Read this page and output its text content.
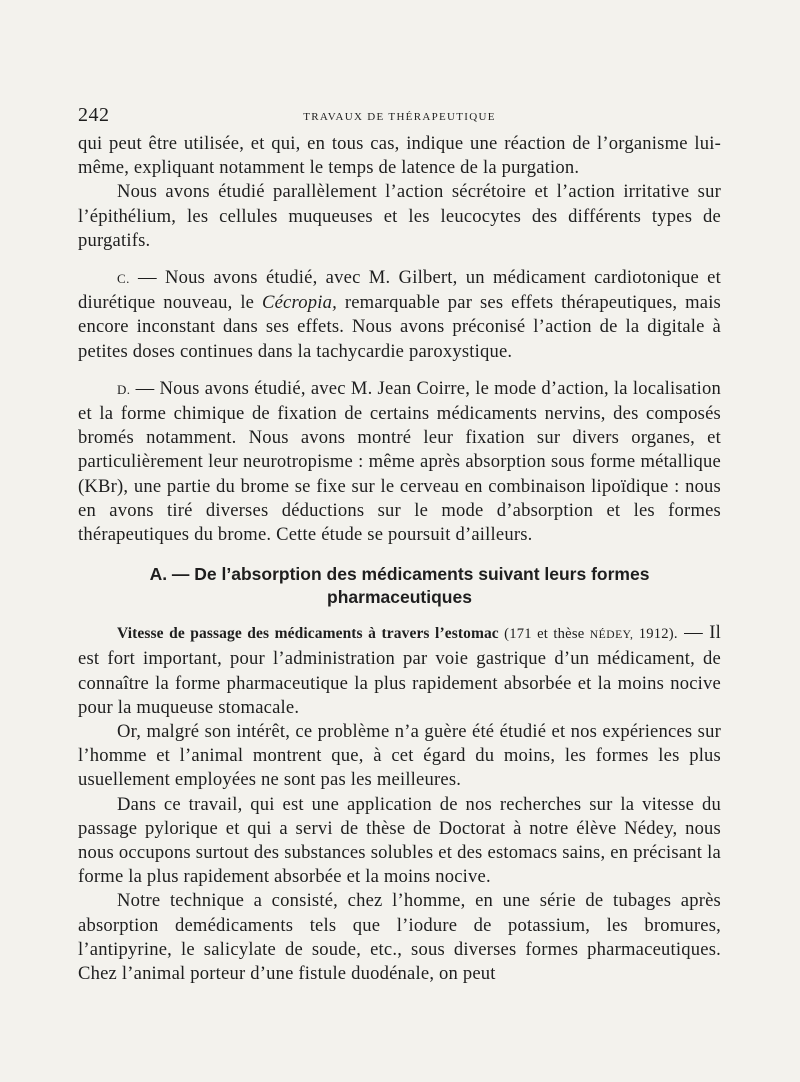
242	TRAVAUX DE THÉRAPEUTIQUE

qui peut être utilisée, et qui, en tous cas, indique une réaction de l’organisme lui-même, expliquant notamment le temps de latence de la purgation.

Nous avons étudié parallèlement l’action sécrétoire et l’action irritative sur l’épithélium, les cellules muqueuses et les leucocytes des différents types de purgatifs.

C. — Nous avons étudié, avec M. Gilbert, un médicament cardiotonique et diurétique nouveau, le Cécropia, remarquable par ses effets thérapeutiques, mais encore inconstant dans ses effets. Nous avons préconisé l’action de la digitale à petites doses continues dans la tachycardie paroxystique.

D. — Nous avons étudié, avec M. Jean Coirre, le mode d’action, la localisation et la forme chimique de fixation de certains médicaments nervins, des composés bromés notamment. Nous avons montré leur fixation sur divers organes, et particulièrement leur neurotropisme : même après absorption sous forme métallique (KBr), une partie du brome se fixe sur le cerveau en combinaison lipoïdique : nous en avons tiré diverses déductions sur le mode d’absorption et les formes thérapeutiques du brome. Cette étude se poursuit d’ailleurs.

A. — De l’absorption des médicaments suivant leurs formes
pharmaceutiques

Vitesse de passage des médicaments à travers l’estomac (171 et thèse NÉDEY, 1912). — Il est fort important, pour l’administration par voie gastrique d’un médicament, de connaître la forme pharmaceutique la plus rapidement absorbée et la moins nocive pour la muqueuse stomacale.

Or, malgré son intérêt, ce problème n’a guère été étudié et nos expériences sur l’homme et l’animal montrent que, à cet égard du moins, les formes les plus usuellement employées ne sont pas les meilleures.

Dans ce travail, qui est une application de nos recherches sur la vitesse du passage pylorique et qui a servi de thèse de Doctorat à notre élève Nédey, nous nous occupons surtout des substances solubles et des estomacs sains, en précisant la forme la plus rapidement absorbée et la moins nocive.

Notre technique a consisté, chez l’homme, en une série de tubages après absorption demédicaments tels que l’iodure de potassium, les bromures, l’antipyrine, le salicylate de soude, etc., sous diverses formes pharmaceutiques. Chez l’animal porteur d’une fistule duodénale, on peut
